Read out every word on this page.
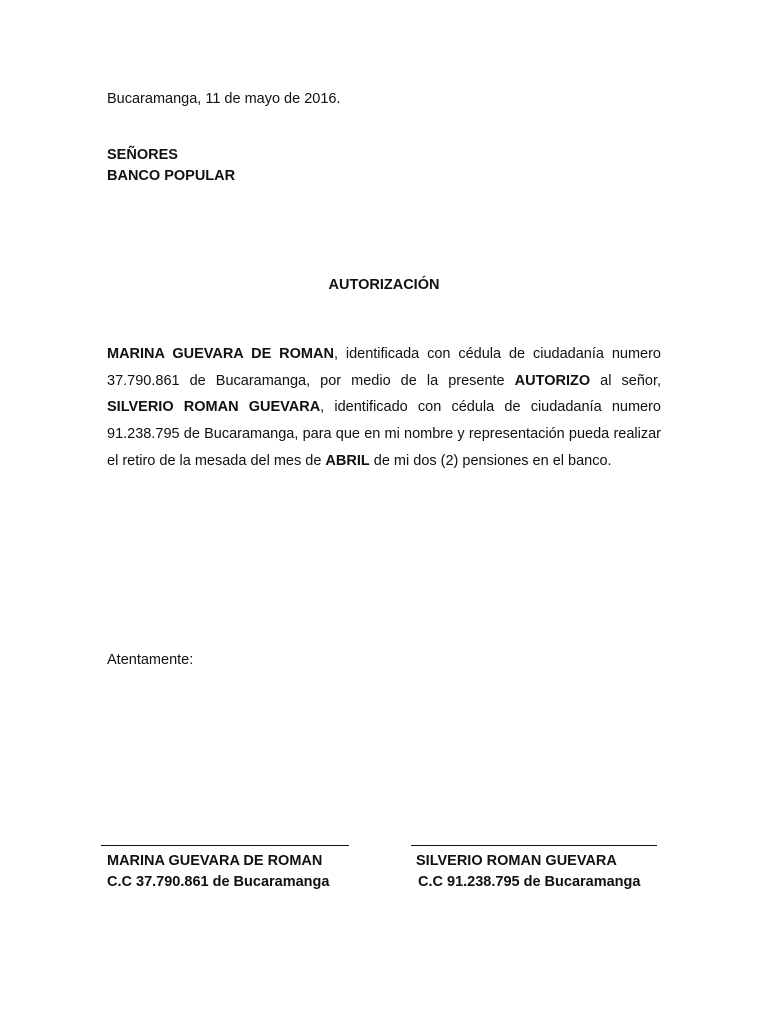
Bucaramanga, 11 de mayo de 2016.
SEÑORES
BANCO POPULAR
AUTORIZACIÓN
MARINA GUEVARA DE ROMAN, identificada con cédula de ciudadanía numero 37.790.861 de Bucaramanga, por medio de la presente AUTORIZO al señor, SILVERIO ROMAN GUEVARA, identificado con cédula de ciudadanía numero 91.238.795 de Bucaramanga, para que en mi nombre y representación pueda realizar el retiro de la mesada del mes de ABRIL de mi dos (2) pensiones en el banco.
Atentamente:
MARINA GUEVARA DE ROMAN
C.C 37.790.861 de Bucaramanga
SILVERIO ROMAN GUEVARA
C.C 91.238.795 de Bucaramanga
